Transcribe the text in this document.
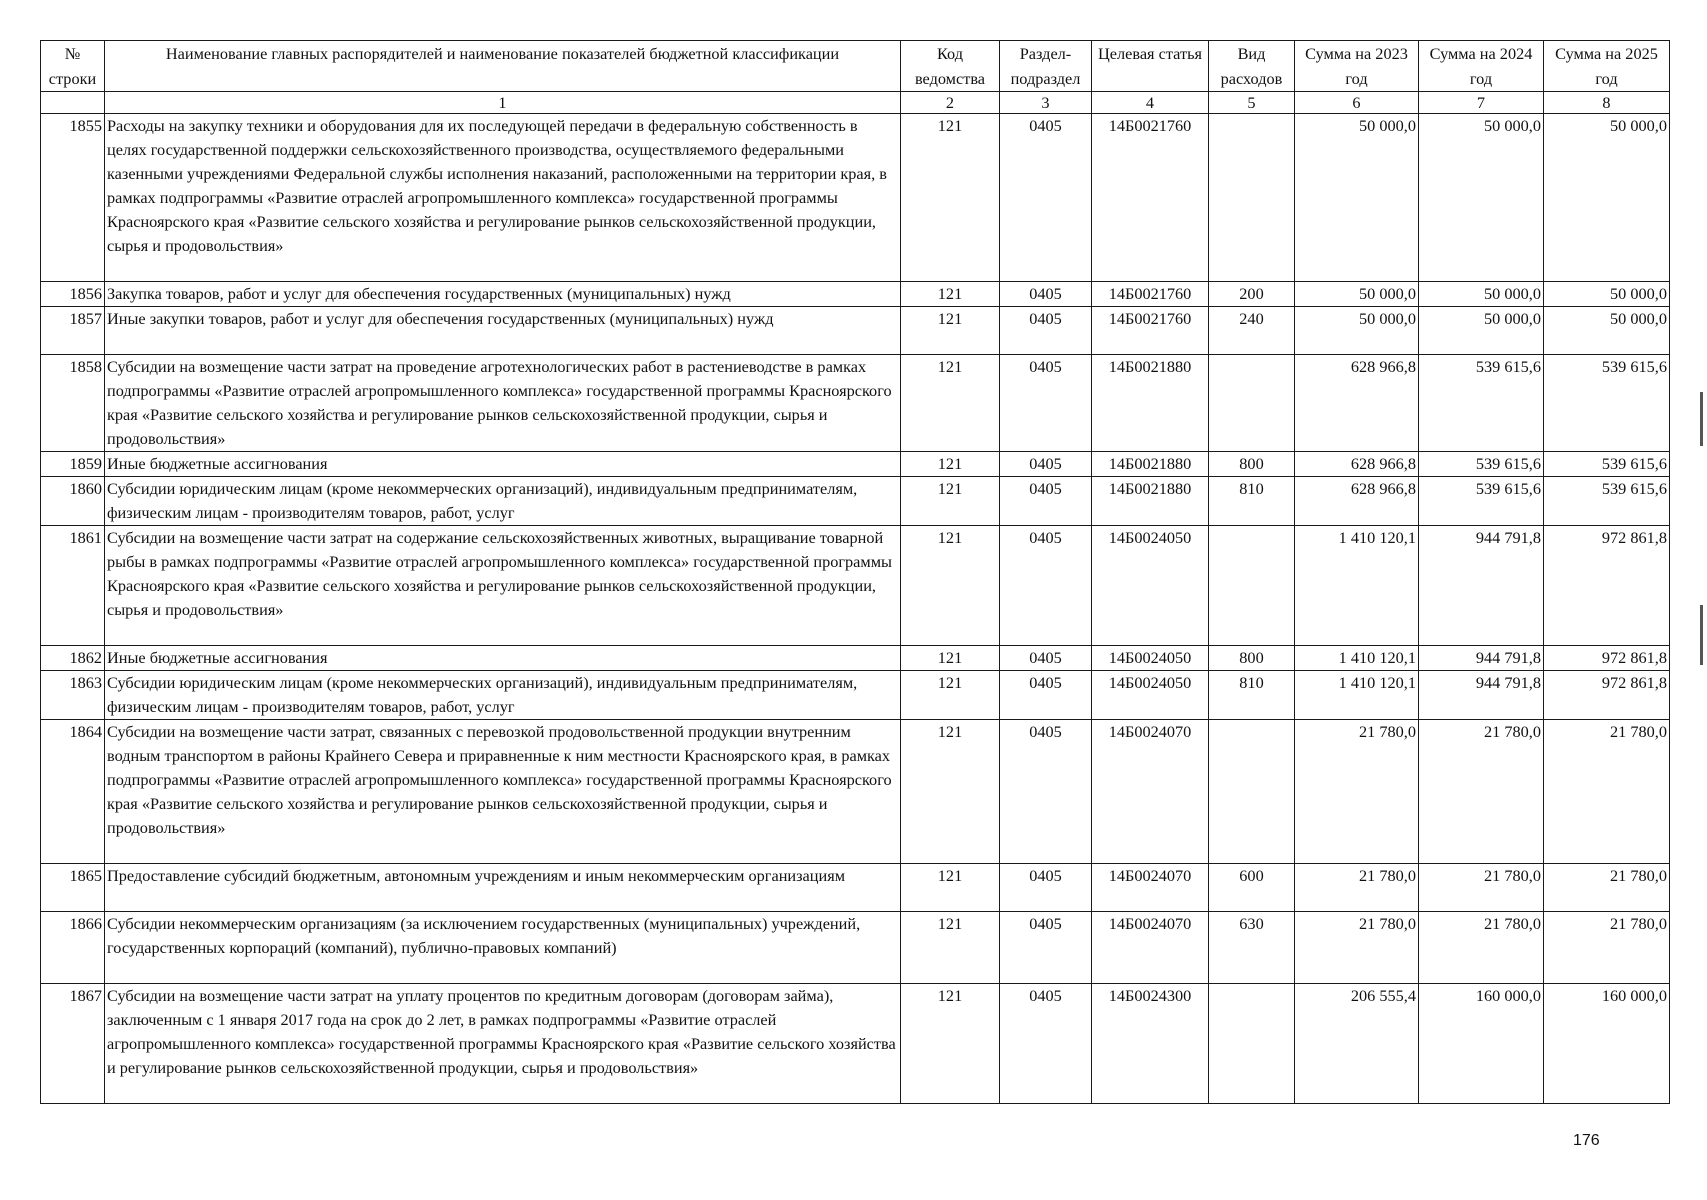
№ строки	Наименование главных распорядителей и наименование показателей бюджетной классификации	Код ведомства	Раздел-подраздел	Целевая статья	Вид расходов	Сумма на 2023 год	Сумма на 2024 год	Сумма на 2025 год
	1	2	3	4	5	6	7	8
1855	Расходы на закупку техники и оборудования для их последующей передачи в федеральную собственность в целях государственной поддержки сельскохозяйственного производства, осуществляемого федеральными казенными учреждениями Федеральной службы исполнения наказаний, расположенными на территории края, в рамках подпрограммы «Развитие отраслей агропромышленного комплекса» государственной программы Красноярского края «Развитие сельского хозяйства и регулирование рынков сельскохозяйственной продукции, сырья и продовольствия»	121	0405	14Б0021760		50 000,0	50 000,0	50 000,0
1856	Закупка товаров, работ и услуг для обеспечения государственных (муниципальных) нужд	121	0405	14Б0021760	200	50 000,0	50 000,0	50 000,0
1857	Иные закупки товаров, работ и услуг для обеспечения государственных (муниципальных) нужд	121	0405	14Б0021760	240	50 000,0	50 000,0	50 000,0
1858	Субсидии на возмещение части затрат на проведение агротехнологических работ в растениеводстве в рамках подпрограммы «Развитие отраслей агропромышленного комплекса» государственной программы Красноярского края «Развитие сельского хозяйства и регулирование рынков сельскохозяйственной продукции, сырья и продовольствия»	121	0405	14Б0021880		628 966,8	539 615,6	539 615,6
1859	Иные бюджетные ассигнования	121	0405	14Б0021880	800	628 966,8	539 615,6	539 615,6
1860	Субсидии юридическим лицам (кроме некоммерческих организаций), индивидуальным предпринимателям, физическим лицам - производителям товаров, работ, услуг	121	0405	14Б0021880	810	628 966,8	539 615,6	539 615,6
1861	Субсидии на возмещение части затрат на содержание сельскохозяйственных животных, выращивание товарной рыбы в рамках подпрограммы «Развитие отраслей агропромышленного комплекса» государственной программы Красноярского края «Развитие сельского хозяйства и регулирование рынков сельскохозяйственной продукции, сырья и продовольствия»	121	0405	14Б0024050		1 410 120,1	944 791,8	972 861,8
1862	Иные бюджетные ассигнования	121	0405	14Б0024050	800	1 410 120,1	944 791,8	972 861,8
1863	Субсидии юридическим лицам (кроме некоммерческих организаций), индивидуальным предпринимателям, физическим лицам - производителям товаров, работ, услуг	121	0405	14Б0024050	810	1 410 120,1	944 791,8	972 861,8
1864	Субсидии на возмещение части затрат, связанных с перевозкой продовольственной продукции внутренним водным транспортом в районы Крайнего Севера и приравненные к ним местности Красноярского края, в рамках подпрограммы «Развитие отраслей агропромышленного комплекса» государственной программы Красноярского края «Развитие сельского хозяйства и регулирование рынков сельскохозяйственной продукции, сырья и продовольствия»	121	0405	14Б0024070		21 780,0	21 780,0	21 780,0
1865	Предоставление субсидий бюджетным, автономным учреждениям и иным некоммерческим организациям	121	0405	14Б0024070	600	21 780,0	21 780,0	21 780,0
1866	Субсидии некоммерческим организациям (за исключением государственных (муниципальных) учреждений, государственных корпораций (компаний), публично-правовых компаний)	121	0405	14Б0024070	630	21 780,0	21 780,0	21 780,0
1867	Субсидии на возмещение части затрат на уплату процентов по кредитным договорам (договорам займа), заключенным с 1 января 2017 года на срок до 2 лет, в рамках подпрограммы «Развитие отраслей агропромышленного комплекса» государственной программы Красноярского края «Развитие сельского хозяйства и регулирование рынков сельскохозяйственной продукции, сырья и продовольствия»	121	0405	14Б0024300		206 555,4	160 000,0	160 000,0
176
